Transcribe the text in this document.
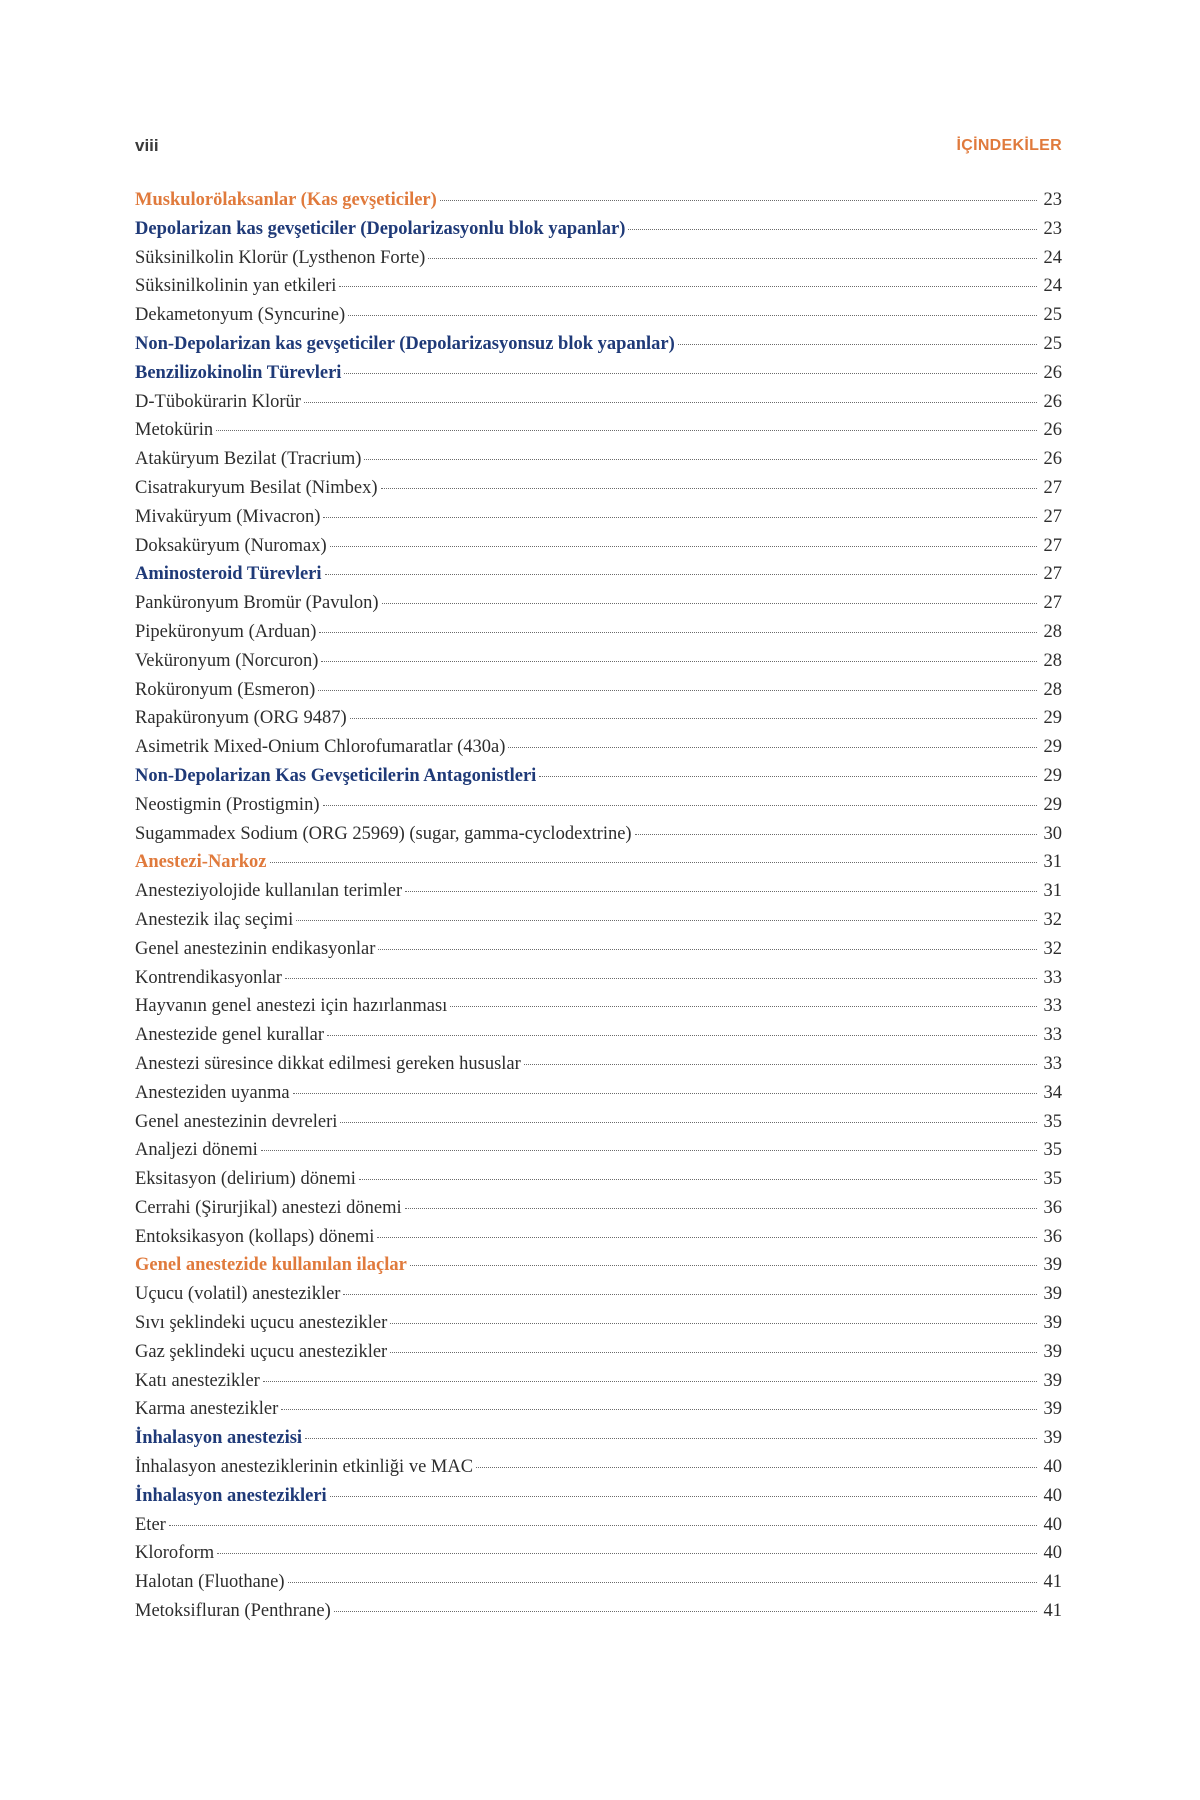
viii	İÇİNDEKİLER
Muskulorölaksanlar (Kas gevşeticiler)	23
Depolarizan kas gevşeticiler (Depolarizasyonlu blok yapanlar)	23
Süksinilkolin Klorür (Lysthenon Forte)	24
Süksinilkolinin yan etkileri	24
Dekametonyum (Syncurine)	25
Non-Depolarizan kas gevşeticiler (Depolarizasyonsuz blok yapanlar)	25
Benzilizokinolin Türevleri	26
D-Tübokürarin Klorür	26
Metokürin	26
Ataküryum Bezilat (Tracrium)	26
Cisatrakuryum Besilat (Nimbex)	27
Mivaküryum (Mivacron)	27
Doksaküryum (Nuromax)	27
Aminosteroid Türevleri	27
Panküronyum Bromür (Pavulon)	27
Pipeküronyum (Arduan)	28
Veküronyum (Norcuron)	28
Roküronyum (Esmeron)	28
Rapaküronyum (ORG 9487)	29
Asimetrik Mixed-Onium Chlorofumaratlar (430a)	29
Non-Depolarizan Kas Gevşeticilerin Antagonistleri	29
Neostigmin (Prostigmin)	29
Sugammadex Sodium (ORG 25969) (sugar, gamma-cyclodextrine)	30
Anestezi-Narkoz	31
Anesteziyolojide kullanılan terimler	31
Anestezik ilaç seçimi	32
Genel anestezinin endikasyonlar	32
Kontrendikasyonlar	33
Hayvanın genel anestezi için hazırlanması	33
Anestezide genel kurallar	33
Anestezi süresince dikkat edilmesi gereken hususlar	33
Anesteziden uyanma	34
Genel anestezinin devreleri	35
Analjezi dönemi	35
Eksitasyon (delirium) dönemi	35
Cerrahi (Şirurjikal) anestezi dönemi	36
Entoksikasyon (kollaps) dönemi	36
Genel anestezide kullanılan ilaçlar	39
Uçucu (volatil) anestezikler	39
Sıvı şeklindeki uçucu anestezikler	39
Gaz şeklindeki uçucu anestezikler	39
Katı anestezikler	39
Karma anestezikler	39
İnhalasyon anestezisi	39
İnhalasyon anesteziklerinin etkinliği ve MAC	40
İnhalasyon anestezikleri	40
Eter	40
Kloroform	40
Halotan (Fluothane)	41
Metoksifluran (Penthrane)	41
